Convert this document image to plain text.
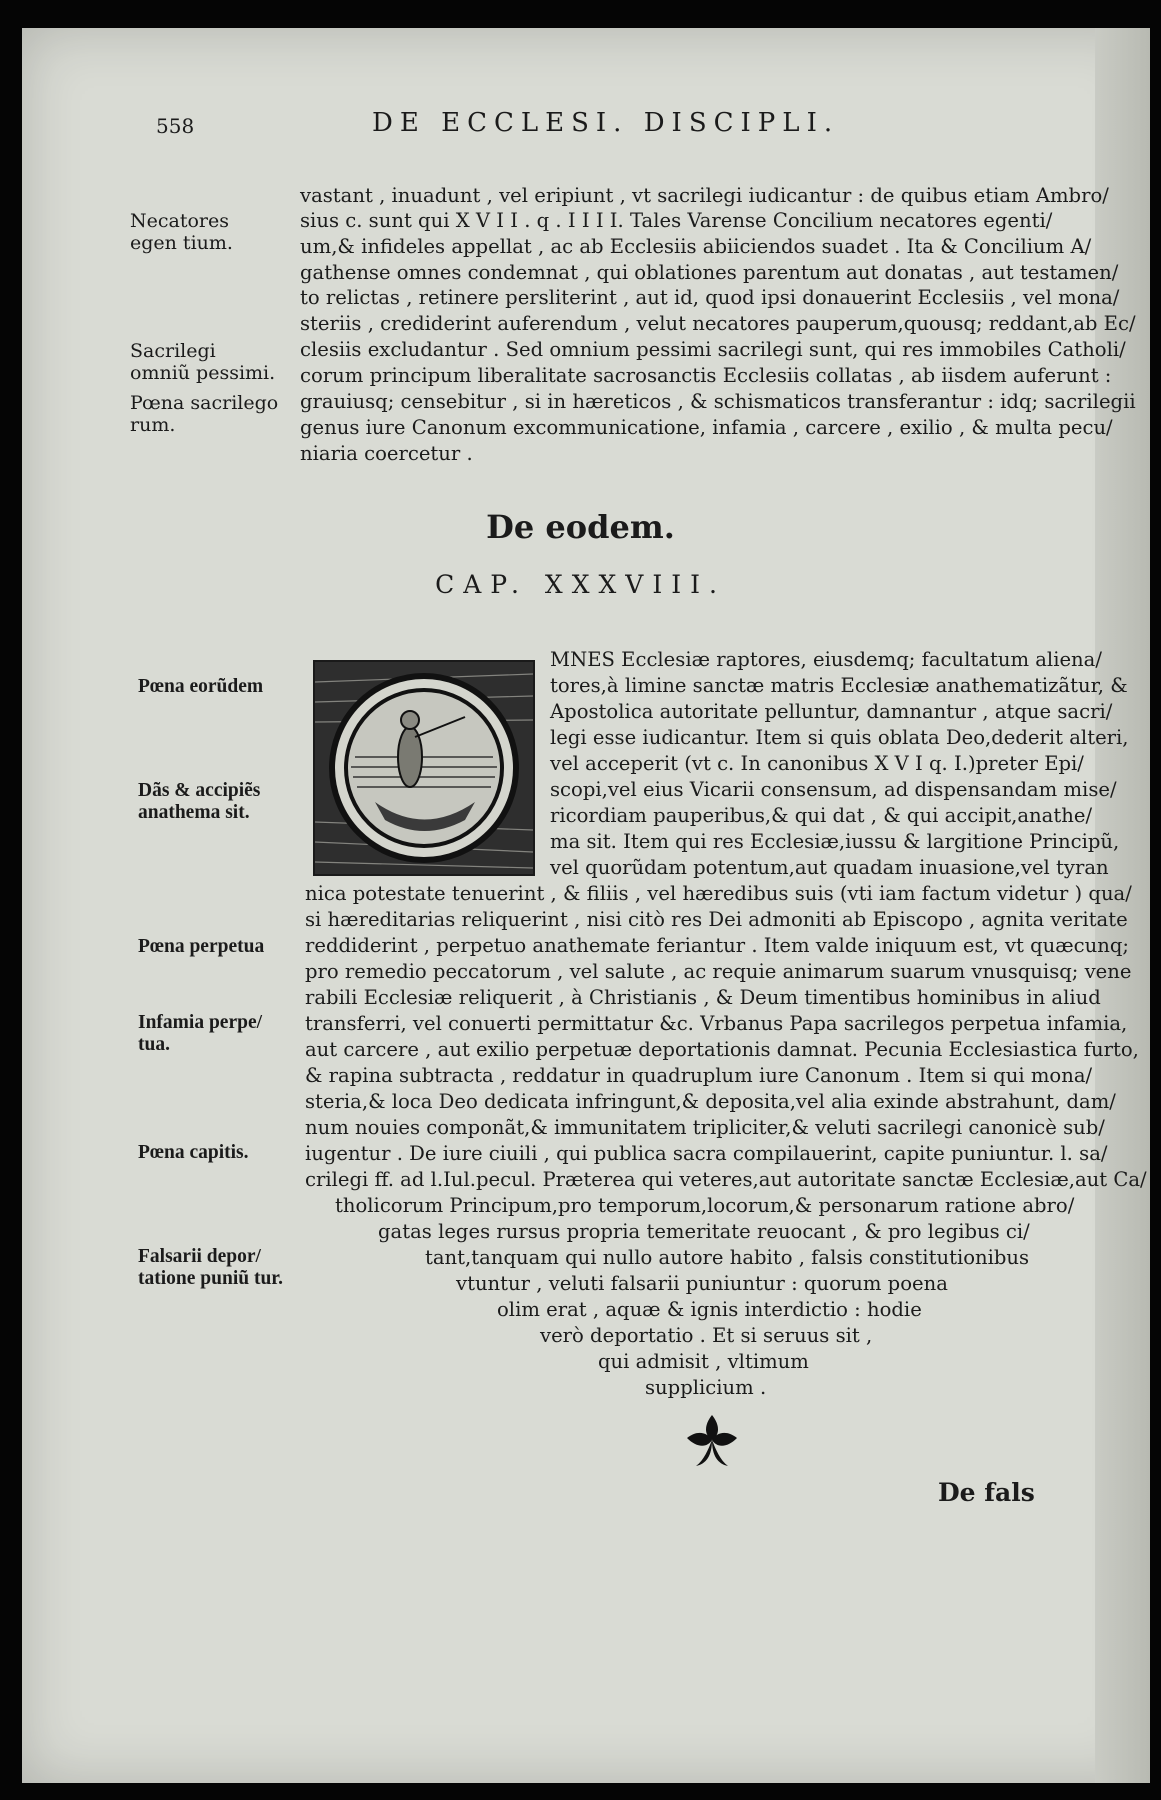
558	DE ECCLESI. DISCIPLI.
vastant , inuadunt , vel eripiunt , vt sacrilegi iudicantur : de quibus etiam Ambro/
sius c. sunt qui X V I I . q . I I I I. Tales Varense Concilium necatores egenti/
um,& infideles appellat , ac ab Ecclesiis abiiciendos suadet . Ita & Concilium A/
gathense omnes condemnat , qui oblationes parentum aut donatas , aut testamen/
to relictas , retinere persliterint , aut id, quod ipsi donauerint Ecclesiis , vel mona/
steriis , crediderint auferendum , velut necatores pauperum,quousq; reddant,ab Ec/
clesiis excludantur . Sed omnium pessimi sacrilegi sunt, qui res immobiles Catholi/
corum principum liberalitate sacrosanctis Ecclesiis collatas , ab iisdem auferunt :
grauiusq; censebitur , si in hæreticos , & schismaticos transferantur : idq; sacrilegii
genus iure Canonum excommunicatione, infamia , carcere , exilio , & multa pecu/
niaria coercetur .
Necatores egen tium.
Sacrilegi omniũ pessimi.
Pœna sacrilego rum.
De eodem.
CAP. XXXVIII.
MNES Ecclesiæ raptores, eiusdemq; facultatum aliena/
tores,à limine sanctæ matris Ecclesiæ anathematizãtur, &
Apostolica autoritate pelluntur, damnantur , atque sacri/
legi esse iudicantur. Item si quis oblata Deo,dederit alteri,
vel acceperit (vt c. In canonibus X V I q. I.)preter Epi/
scopi,vel eius Vicarii consensum, ad dispensandam mise/
ricordiam pauperibus,& qui dat , & qui accipit,anathe/
ma sit. Item qui res Ecclesiæ,iussu & largitione Principũ,
vel quorũdam potentum,aut quadam inuasione,vel tyran
nica potestate tenuerint , & filiis , vel hæredibus suis (vti iam factum videtur ) qua/
si hæreditarias reliquerint , nisi citò res Dei admoniti ab Episcopo , agnita veritate
reddiderint , perpetuo anathemate feriantur . Item valde iniquum est, vt quæcunq;
pro remedio peccatorum , vel salute , ac requie animarum suarum vnusquisq; vene
rabili Ecclesiæ reliquerit , à Christianis , & Deum timentibus hominibus in aliud
transferri, vel conuerti permittatur &c. Vrbanus Papa sacrilegos perpetua infamia,
aut carcere , aut exilio perpetuæ deportationis damnat. Pecunia Ecclesiastica furto,
& rapina subtracta , reddatur in quadruplum iure Canonum . Item si qui mona/
steria,& loca Deo dedicata infringunt,& deposita,vel alia exinde abstrahunt, dam/
num nouies componãt,& immunitatem tripliciter,& veluti sacrilegi canonicè sub/
iugentur . De iure ciuili , qui publica sacra compilauerint, capite puniuntur. l. sa/
crilegi ff. ad l.Iul.pecul. Præterea qui veteres,aut autoritate sanctæ Ecclesiæ,aut Ca/
tholicorum Principum,pro temporum,locorum,& personarum ratione abro/
gatas leges rursus propria temeritate reuocant , & pro legibus ci/
tant,tanquam qui nullo autore habito , falsis constitutionibus
vtuntur , veluti falsarii puniuntur : quorum poena
olim erat , aquæ & ignis interdictio : hodie
verò deportatio . Et si seruus sit ,
qui admisit , vltimum
supplicium .
Pœna eorũdem
Dãs & accipiẽs anathema sit.
Pœna perpetua
Infamia perpe/ tua.
Pœna capitis.
Falsarii depor/ tatione puniũ tur.
De fals
